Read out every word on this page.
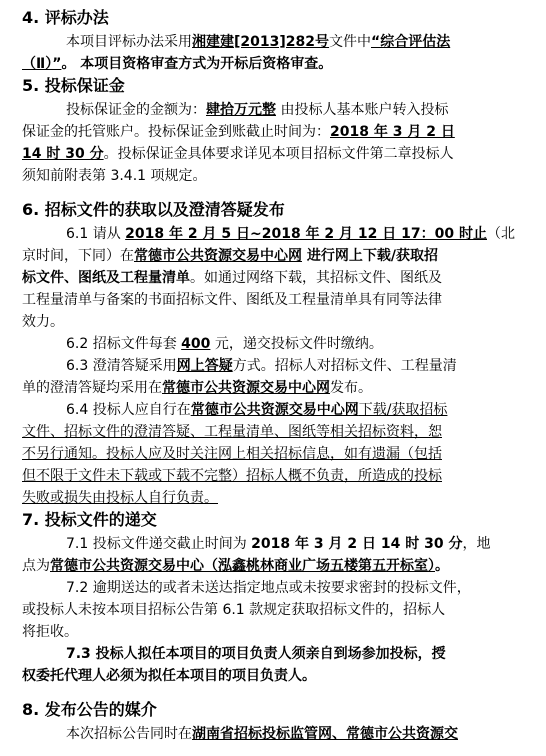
4. 评标办法
本项目评标办法采用湘建建[2013]282号文件中“综合评估法
（Ⅱ）”。 本项目资格审查方式为开标后资格审查。
5. 投标保证金
投标保证金的金额为：肆拾万元整 由投标人基本账户转入投标
保证金的托管账户。投标保证金到账截止时间为：2018 年 3 月 2 日
14 时 30 分。投标保证金具体要求详见本项目招标文件第二章投标人
须知前附表第 3.4.1 项规定。
6. 招标文件的获取以及澄清答疑发布
6.1 请从 2018 年 2 月 5 日~2018 年 2 月 12 日 17：00 时止（北
京时间，下同）在常德市公共资源交易中心网 进行网上下载/获取招
标文件、图纸及工程量清单。如通过网络下载，其招标文件、图纸及
工程量清单与备案的书面招标文件、图纸及工程量清单具有同等法律
效力。
6.2 招标文件每套 400 元，递交投标文件时缴纳。
6.3 澄清答疑采用网上答疑方式。招标人对招标文件、工程量清
单的澄清答疑均采用在常德市公共资源交易中心网发布。
6.4 投标人应自行在常德市公共资源交易中心网下载/获取招标
文件、招标文件的澄清答疑、工程量清单、图纸等相关招标资料，恕
不另行通知。投标人应及时关注网上相关招标信息，如有遗漏（包括
但不限于文件未下载或下载不完整）招标人概不负责，所造成的投标
失败或损失由投标人自行负责。
7. 投标文件的递交
7.1 投标文件递交截止时间为 2018 年 3 月 2 日 14 时 30 分，地
点为常德市公共资源交易中心（泓鑫桃林商业广场五楼第五开标室）。
7.2 逾期送达的或者未送达指定地点或未按要求密封的投标文件，
或投标人未按本项目招标公告第 6.1 款规定获取招标文件的，招标人
将拒收。
7.3 投标人拟任本项目的项目负责人须亲自到场参加投标，授
权委托代理人必须为拟任本项目的项目负责人。
8. 发布公告的媒介
本次招标公告同时在湖南省招标投标监管网、常德市公共资源交
